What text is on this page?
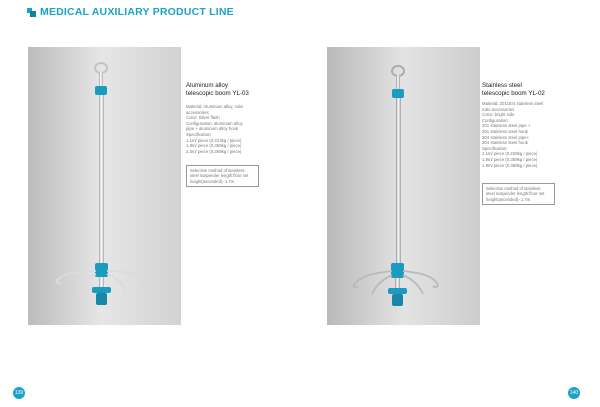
MEDICAL AUXILIARY PRODUCT LINE
Aluminum alloy
telescopic boom YL-03
Material: Aluminum alloy, rubs
accessories
Color: Silver flash
Configuration: aluminum alloy
pipe + aluminum alloy hook
Specification:
1.1m/ piece (0.223kg / piece)
1.9m/ piece (0.359kg / piece)
2.3m/ piece (0.369kg / piece)
Selection method of stainless
steel suspender length:floor net
height(ascended)- 1.7m
Stainless steel
telescopic boom YL-02
Material: 201/304 stainless steel
rubs accessories
Color: bright side
Configuration:
201 stainless steel pipe +
201 stainless steel hook
304 stainless steel pipe+
304 stainless steel hook
Specification:
1.1m/ piece (0.228kg / piece)
1.9m/ piece (0.359kg / piece)
1.9m/ piece (0.369kg / piece)
Selection method of stainless
steel suspender length:floor net
height(ascended)- 1.7m
139	140
